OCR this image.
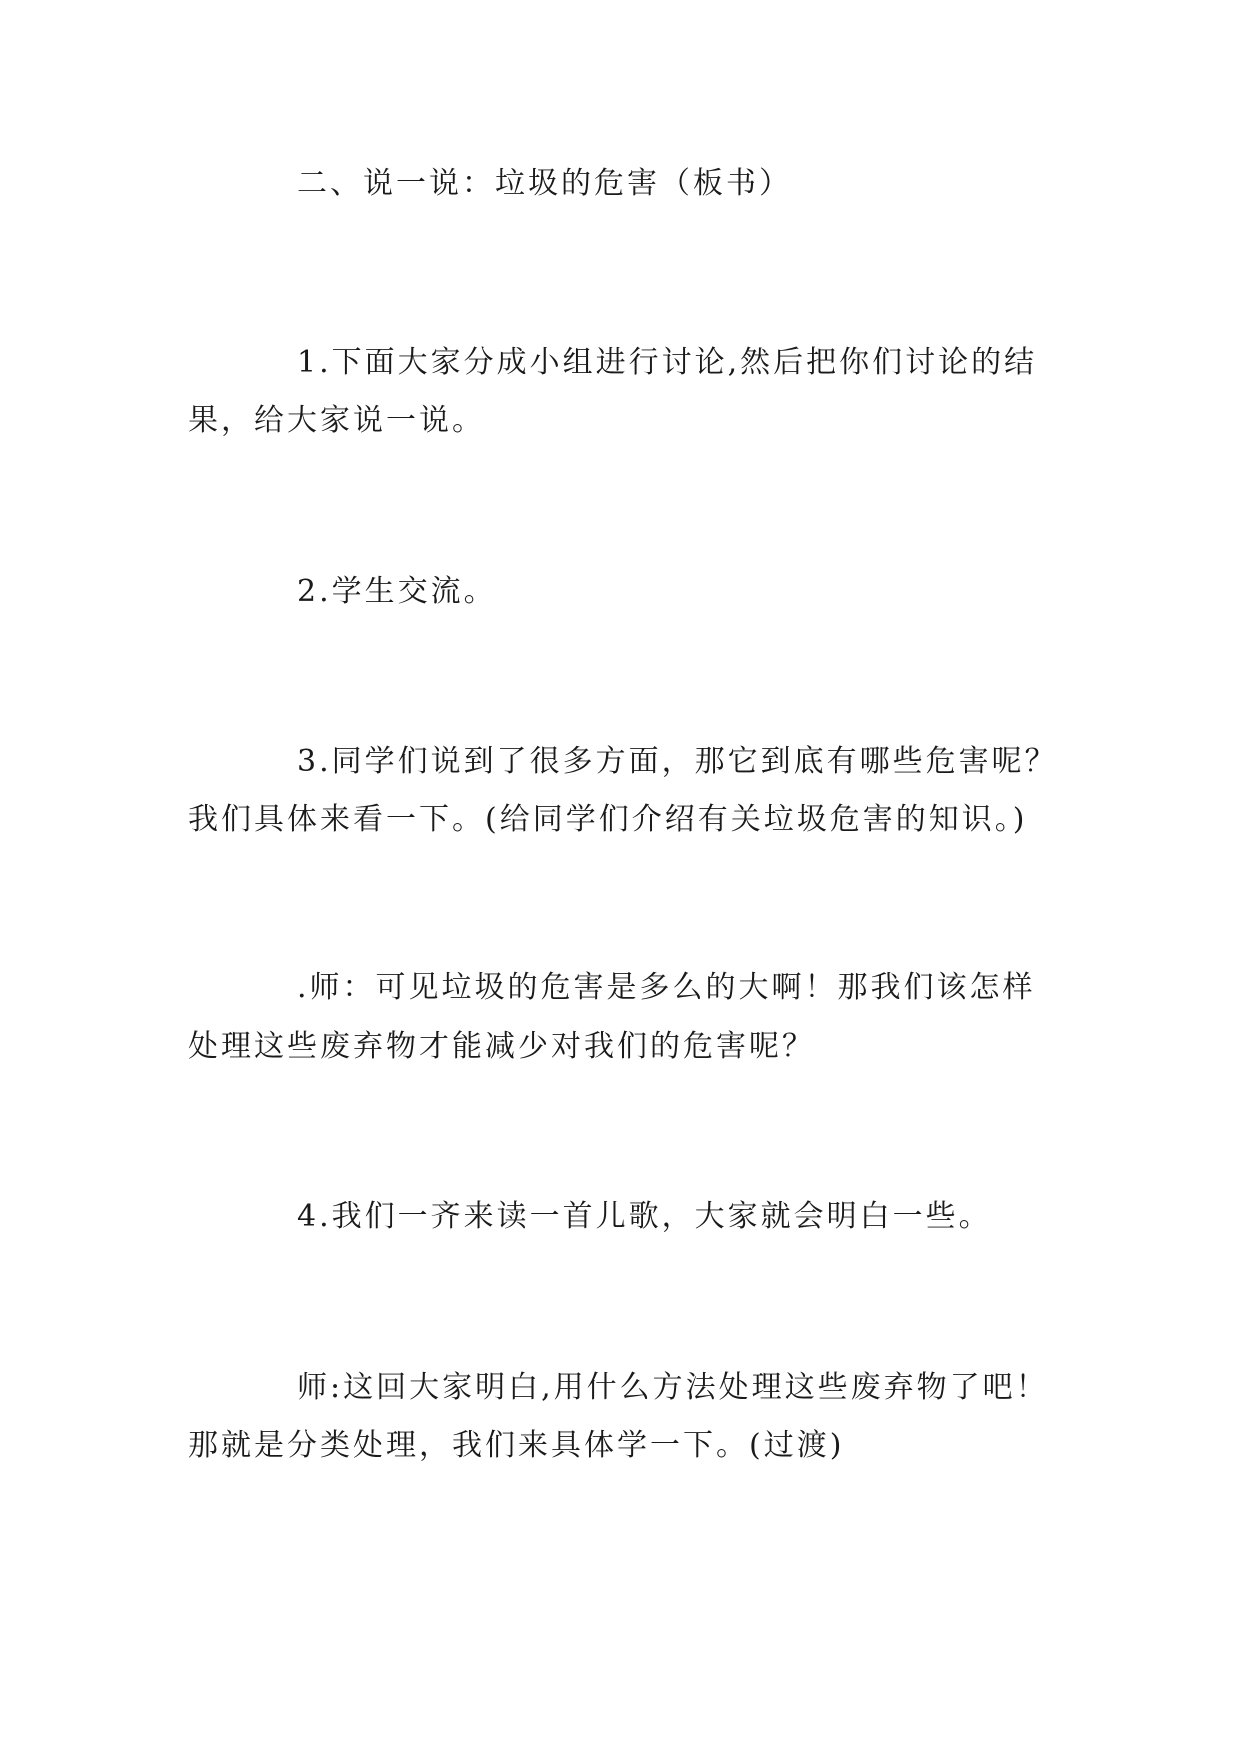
二、说一说：垃圾的危害（板书）
1.下面大家分成小组进行讨论,然后把你们讨论的结
果，给大家说一说。
2.学生交流。
3.同学们说到了很多方面，那它到底有哪些危害呢？
我们具体来看一下。(给同学们介绍有关垃圾危害的知识。)
.师：可见垃圾的危害是多么的大啊！那我们该怎样
处理这些废弃物才能减少对我们的危害呢？
4.我们一齐来读一首儿歌，大家就会明白一些。
师:这回大家明白,用什么方法处理这些废弃物了吧！
那就是分类处理，我们来具体学一下。(过渡)
